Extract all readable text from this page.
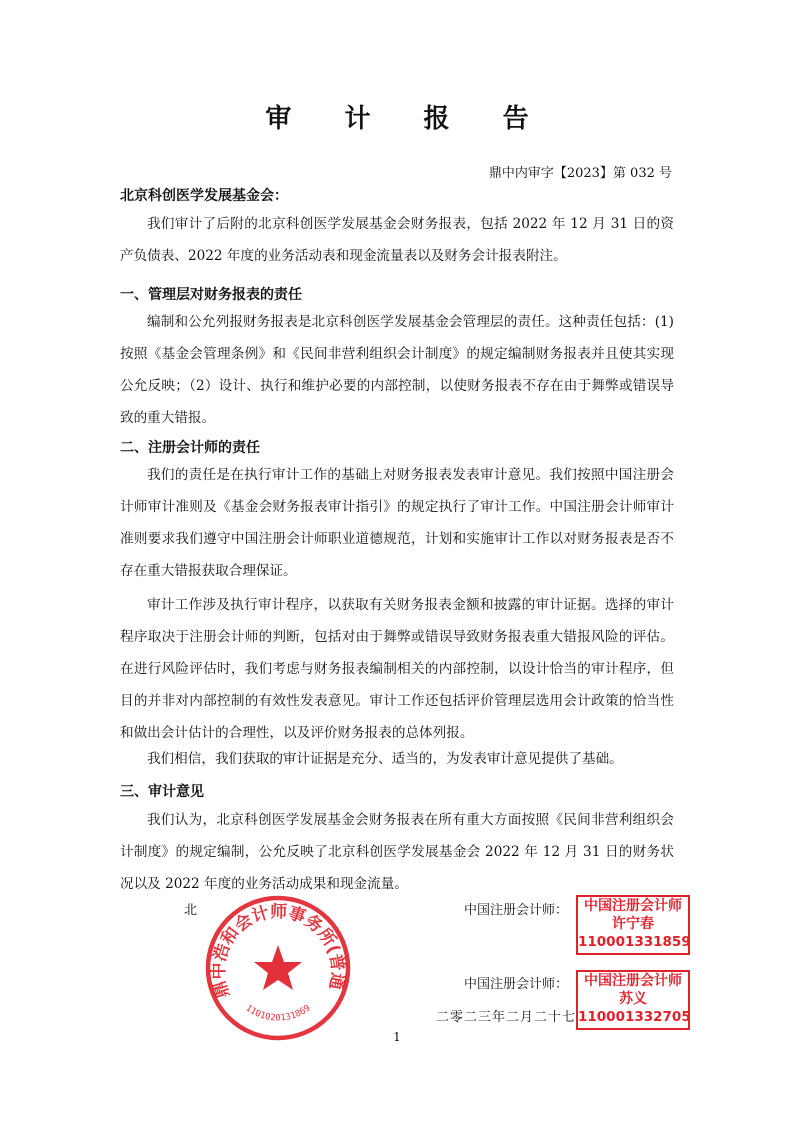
审 计 报 告
鼎中内审字【2023】第 032 号
北京科创医学发展基金会：

我们审计了后附的北京科创医学发展基金会财务报表，包括 2022 年 12 月 31 日的资产负债表、2022 年度的业务活动表和现金流量表以及财务会计报表附注。

一、管理层对财务报表的责任

编制和公允列报财务报表是北京科创医学发展基金会管理层的责任。这种责任包括：(1)按照《基金会管理条例》和《民间非营利组织会计制度》的规定编制财务报表并且使其实现公允反映；（2）设计、执行和维护必要的内部控制，以使财务报表不存在由于舞弊或错误导致的重大错报。

二、注册会计师的责任

我们的责任是在执行审计工作的基础上对财务报表发表审计意见。我们按照中国注册会计师审计准则及《基金会财务报表审计指引》的规定执行了审计工作。中国注册会计师审计准则要求我们遵守中国注册会计师职业道德规范，计划和实施审计工作以对财务报表是否不存在重大错报获取合理保证。

审计工作涉及执行审计程序，以获取有关财务报表金额和披露的审计证据。选择的审计程序取决于注册会计师的判断，包括对由于舞弊或错误导致财务报表重大错报风险的评估。在进行风险评估时，我们考虑与财务报表编制相关的内部控制，以设计恰当的审计程序，但目的并非对内部控制的有效性发表意见。审计工作还包括评价管理层选用会计政策的恰当性和做出会计估计的合理性，以及评价财务报表的总体列报。

我们相信，我们获取的审计证据是充分、适当的，为发表审计意见提供了基础。

三、审计意见

我们认为，北京科创医学发展基金会财务报表在所有重大方面按照《民间非营利组织会计制度》的规定编制，公允反映了北京科创医学发展基金会 2022 年 12 月 31 日的财务状况以及 2022 年度的业务活动成果和现金流量。

北
鼎中浩和会计师事务所(普通
1101020131869
中国注册会计师：	中国注册会计师
许宁春
110001331859
中国注册会计师：	中国注册会计师
苏义
110001332705
二零二三年二月二十七
1
